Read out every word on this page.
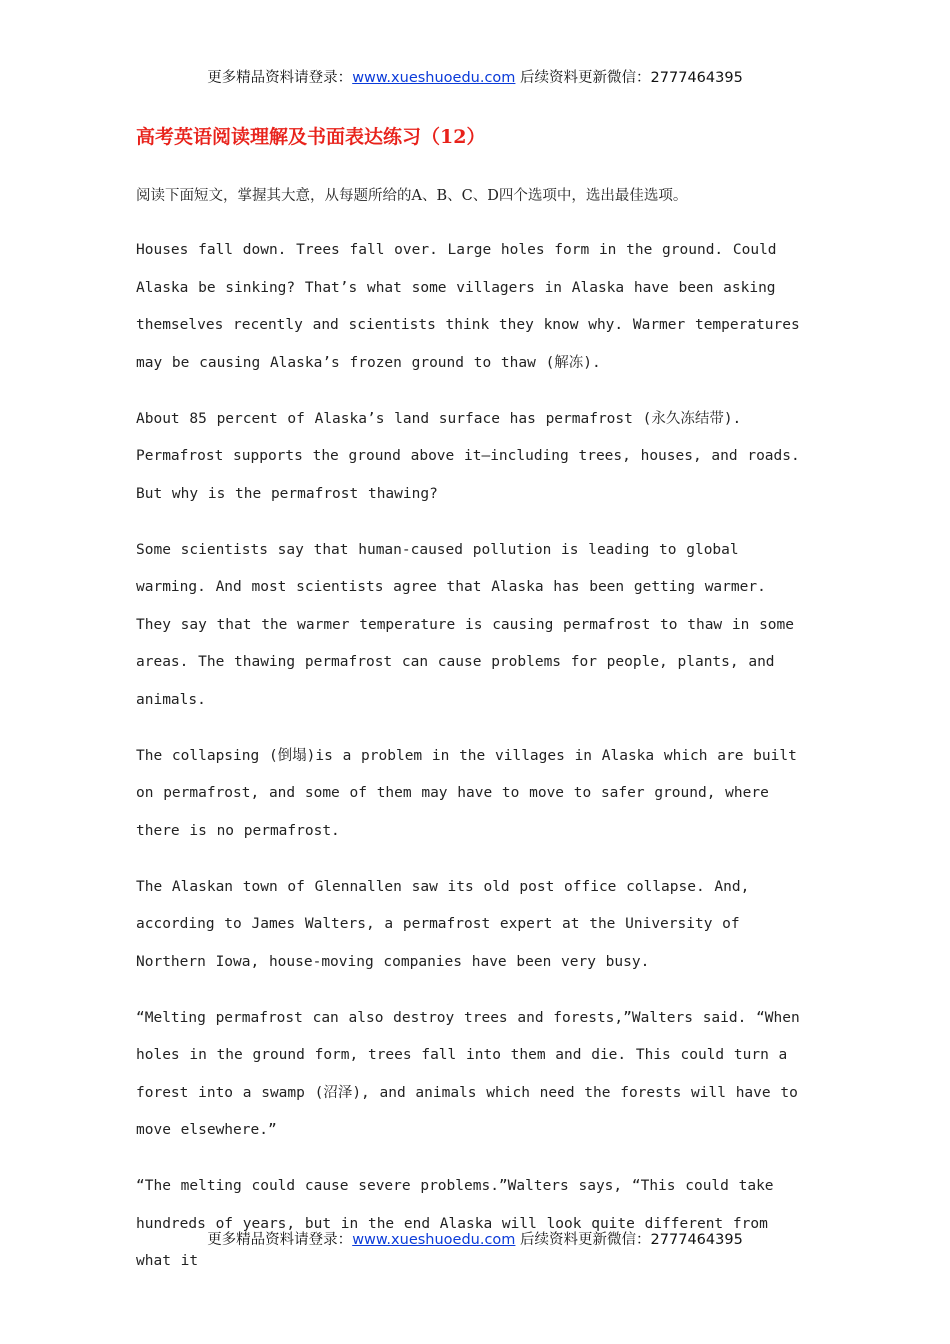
更多精品资料请登录：www.xueshuoedu.com 后续资料更新微信：2777464395
高考英语阅读理解及书面表达练习（12）
阅读下面短文，掌握其大意，从每题所给的A、B、C、D四个选项中，选出最佳选项。

Houses fall down. Trees fall over. Large holes form in the ground. Could Alaska be sinking? That’s what some villagers in Alaska have been asking themselves recently and scientists think they know why. Warmer temperatures may be causing Alaska’s frozen ground to thaw (解冻).

About 85 percent of Alaska’s land surface has permafrost (永久冻结带). Permafrost supports the ground above it—including trees, houses, and roads. But why is the permafrost thawing?

Some scientists say that human-caused pollution is leading to global warming. And most scientists agree that Alaska has been getting warmer. They say that the warmer temperature is causing permafrost to thaw in some areas. The thawing permafrost can cause problems for people, plants, and animals.

The collapsing (倒塌)is a problem in the villages in Alaska which are built on permafrost, and some of them may have to move to safer ground, where there is no permafrost.

The Alaskan town of Glennallen saw its old post office collapse. And, according to James Walters, a permafrost expert at the University of Northern Iowa, house-moving companies have been very busy.

“Melting permafrost can also destroy trees and forests,”Walters said. “When holes in the ground form, trees fall into them and die. This could turn a forest into a swamp (沼泽), and animals which need the forests will have to move elsewhere.”

“The melting could cause severe problems.”Walters says, “This could take hundreds of years, but in the end Alaska will look quite different from what it

更多精品资料请登录：www.xueshuoedu.com 后续资料更新微信：2777464395
